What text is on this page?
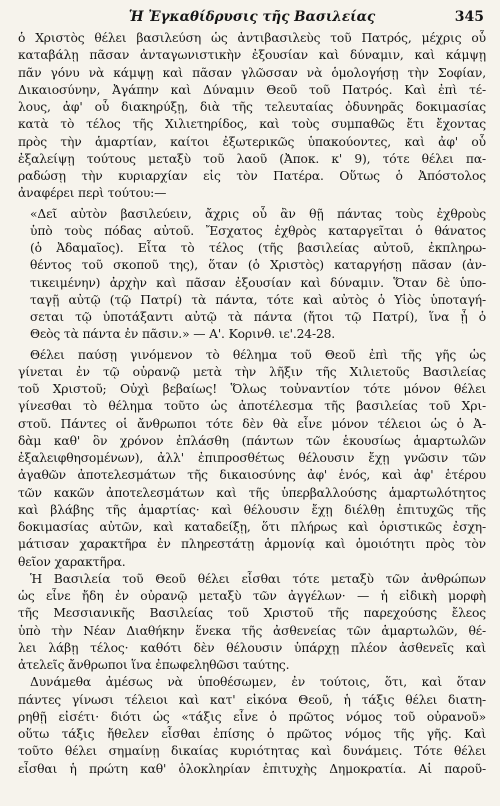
Ἡ Ἐγκαθίδρυσις τῆς Βασιλείας	345
ὁ Χριστὸς θέλει βασιλεύση ὡς ἀντιβασιλεὺς τοῦ Πατρός, μέχρις οὗ
καταβάλῃ πᾶσαν ἀνταγωνιστικὴν ἐξουσίαν καὶ δύναμιν, καὶ κάμψῃ
πᾶν γόνυ νὰ κάμψῃ καὶ πᾶσαν γλῶσσαν νὰ ὁμολογήσῃ τὴν Σοφίαν,
Δικαιοσύνην, Ἀγάπην καὶ Δύναμιν Θεοῦ τοῦ Πατρός. Καὶ ἐπὶ τέ-
λους, ἀφ' οὗ διακηρύξῃ, διὰ τῆς τελευταίας ὀδυνηρᾶς δοκιμασίας
κατὰ τὸ τέλος τῆς Χιλιετηρίδος, καὶ τοὺς συμπαθῶς ἔτι ἔχοντας
πρὸς τὴν ἁμαρτίαν, καίτοι ἐξωτερικῶς ὑπακούοντες, καὶ ἀφ' οὗ
ἐξαλείψῃ τούτους μεταξὺ τοῦ λαοῦ (Ἀποκ. κ' 9), τότε θέλει πα-
ραδώσῃ τὴν κυριαρχίαν εἰς τὸν Πατέρα. Οὕτως ὁ Ἀπόστολος
ἀναφέρει περὶ τούτου:—
«Δεῖ αὐτὸν βασιλεύειν, ἄχρις οὗ ἂν θῇ πάντας τοὺς ἐχθροὺς
ὑπὸ τοὺς πόδας αὐτοῦ. Ἔσχατος ἐχθρὸς καταργεῖται ὁ θάνατος
(ὁ Ἀδαμαῖος). Εἶτα τὸ τέλος (τῆς βασιλείας αὐτοῦ, ἐκπληρω-
θέντος τοῦ σκοποῦ της), ὅταν (ὁ Χριστὸς) καταργήσῃ πᾶσαν (ἀν-
τικειμένην) ἀρχὴν καὶ πᾶσαν ἐξουσίαν καὶ δύναμιν. Ὅταν δὲ ὑπο-
ταγῇ αὐτῷ (τῷ Πατρί) τὰ πάντα, τότε καὶ αὐτὸς ὁ Υἱὸς ὑποταγή-
σεται τῷ ὑποτάξαντι αὐτῷ τὰ πάντα (ἤτοι τῷ Πατρί), ἵνα ᾖ ὁ
Θεὸς τὰ πάντα ἐν πᾶσιν.» — Α'. Κορινθ. ιε'.24-28.
Θέλει παύσῃ γινόμενον τὸ θέλημα τοῦ Θεοῦ ἐπὶ τῆς γῆς ὡς
γίνεται ἐν τῷ οὐρανῷ μετὰ τὴν λῆξιν τῆς Χιλιετοῦς Βασιλείας
τοῦ Χριστοῦ; Οὐχὶ βεβαίως! Ὅλως τοὐναντίον τότε μόνον θέλει
γίνεσθαι τὸ θέλημα τοῦτο ὡς ἀποτέλεσμα τῆς βασιλείας τοῦ Χρι-
στοῦ. Πάντες οἱ ἄνθρωποι τότε δὲν θὰ εἶνε μόνον τέλειοι ὡς ὁ Ἀ-
δὰμ καθ' ὃν χρόνον ἐπλάσθη (πάντων τῶν ἑκουσίως ἁμαρτωλῶν
ἐξαλειφθησομένων), ἀλλ' ἐπιπροσθέτως θέλουσιν ἔχῃ γνῶσιν τῶν
ἀγαθῶν ἀποτελεσμάτων τῆς δικαιοσύνης ἀφ' ἑνός, καὶ ἀφ' ἑτέρου
τῶν κακῶν ἀποτελεσμάτων καὶ τῆς ὑπερβαλλούσης ἁμαρτωλότητος
καὶ βλάβης τῆς ἁμαρτίας· καὶ θέλουσιν ἔχῃ διέλθῃ ἐπιτυχῶς τῆς
δοκιμασίας αὐτῶν, καὶ καταδείξῃ, ὅτι πλήρως καὶ ὁριστικῶς ἐσχη-
μάτισαν χαρακτῆρα ἐν πληρεστάτῃ ἁρμονίᾳ καὶ ὁμοιότητι πρὸς τὸν
θεῖον χαρακτῆρα.
Ἡ Βασιλεία τοῦ Θεοῦ θέλει εἶσθαι τότε μεταξὺ τῶν ἀνθρώπων
ὡς εἶνε ἤδη ἐν οὐρανῷ μεταξὺ τῶν ἀγγέλων· — ἡ εἰδικὴ μορφὴ
τῆς Μεσσιανικῆς Βασιλείας τοῦ Χριστοῦ τῆς παρεχούσης ἔλεος
ὑπὸ τὴν Νέαν Διαθήκην ἕνεκα τῆς ἀσθενείας τῶν ἁμαρτωλῶν, θέ-
λει λάβῃ τέλος· καθότι δὲν θέλουσιν ὑπάρχῃ πλέον ἀσθενεῖς καὶ
ἀτελεῖς ἄνθρωποι ἵνα ἐπωφεληθῶσι ταύτης.
Δυνάμεθα ἀμέσως νὰ ὑποθέσωμεν, ἐν τούτοις, ὅτι, καὶ ὅταν
πάντες γίνωσι τέλειοι καὶ κατ' εἰκόνα Θεοῦ, ἡ τάξις θέλει διατη-
ρηθῇ εἰσέτι· διότι ὡς «τάξις εἶνε ὁ πρῶτος νόμος τοῦ οὐρανοῦ»
οὕτω τάξις ἤθελεν εἶσθαι ἐπίσης ὁ πρῶτος νόμος τῆς γῆς. Καὶ
τοῦτο θέλει σημαίνῃ δικαίας κυριότητας καὶ δυνάμεις. Τότε θέλει
εἶσθαι ἡ πρώτη καθ' ὁλοκληρίαν ἐπιτυχὴς Δημοκρατία. Αἱ παροῦ-
